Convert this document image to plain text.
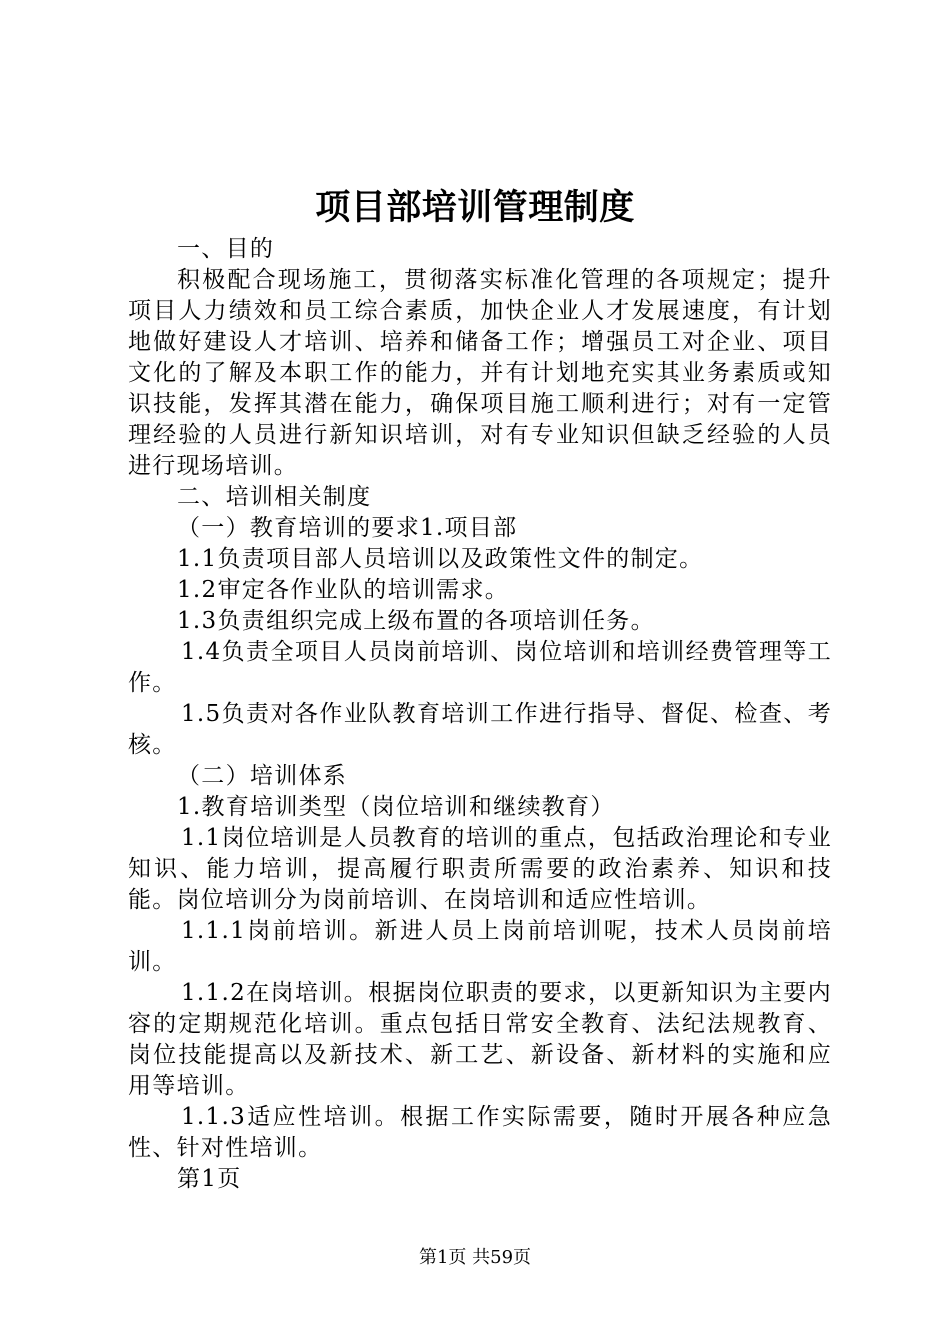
项目部培训管理制度

一、目的

积极配合现场施工，贯彻落实标准化管理的各项规定；提升项目人力绩效和员工综合素质，加快企业人才发展速度，有计划地做好建设人才培训、培养和储备工作；增强员工对企业、项目文化的了解及本职工作的能力，并有计划地充实其业务素质或知识技能，发挥其潜在能力，确保项目施工顺利进行；对有一定管理经验的人员进行新知识培训，对有专业知识但缺乏经验的人员进行现场培训。

二、培训相关制度

（一）教育培训的要求1.项目部

1.1负责项目部人员培训以及政策性文件的制定。

1.2审定各作业队的培训需求。

1.3负责组织完成上级布置的各项培训任务。

1.4负责全项目人员岗前培训、岗位培训和培训经费管理等工作。

1.5负责对各作业队教育培训工作进行指导、督促、检查、考核。

（二）培训体系

1.教育培训类型（岗位培训和继续教育）

1.1岗位培训是人员教育的培训的重点，包括政治理论和专业知识、能力培训，提高履行职责所需要的政治素养、知识和技能。岗位培训分为岗前培训、在岗培训和适应性培训。

1.1.1岗前培训。新进人员上岗前培训呢，技术人员岗前培训。

1.1.2在岗培训。根据岗位职责的要求，以更新知识为主要内容的定期规范化培训。重点包括日常安全教育、法纪法规教育、岗位技能提高以及新技术、新工艺、新设备、新材料的实施和应用等培训。

1.1.3适应性培训。根据工作实际需要，随时开展各种应急性、针对性培训。

第1页

第1页 共59页
